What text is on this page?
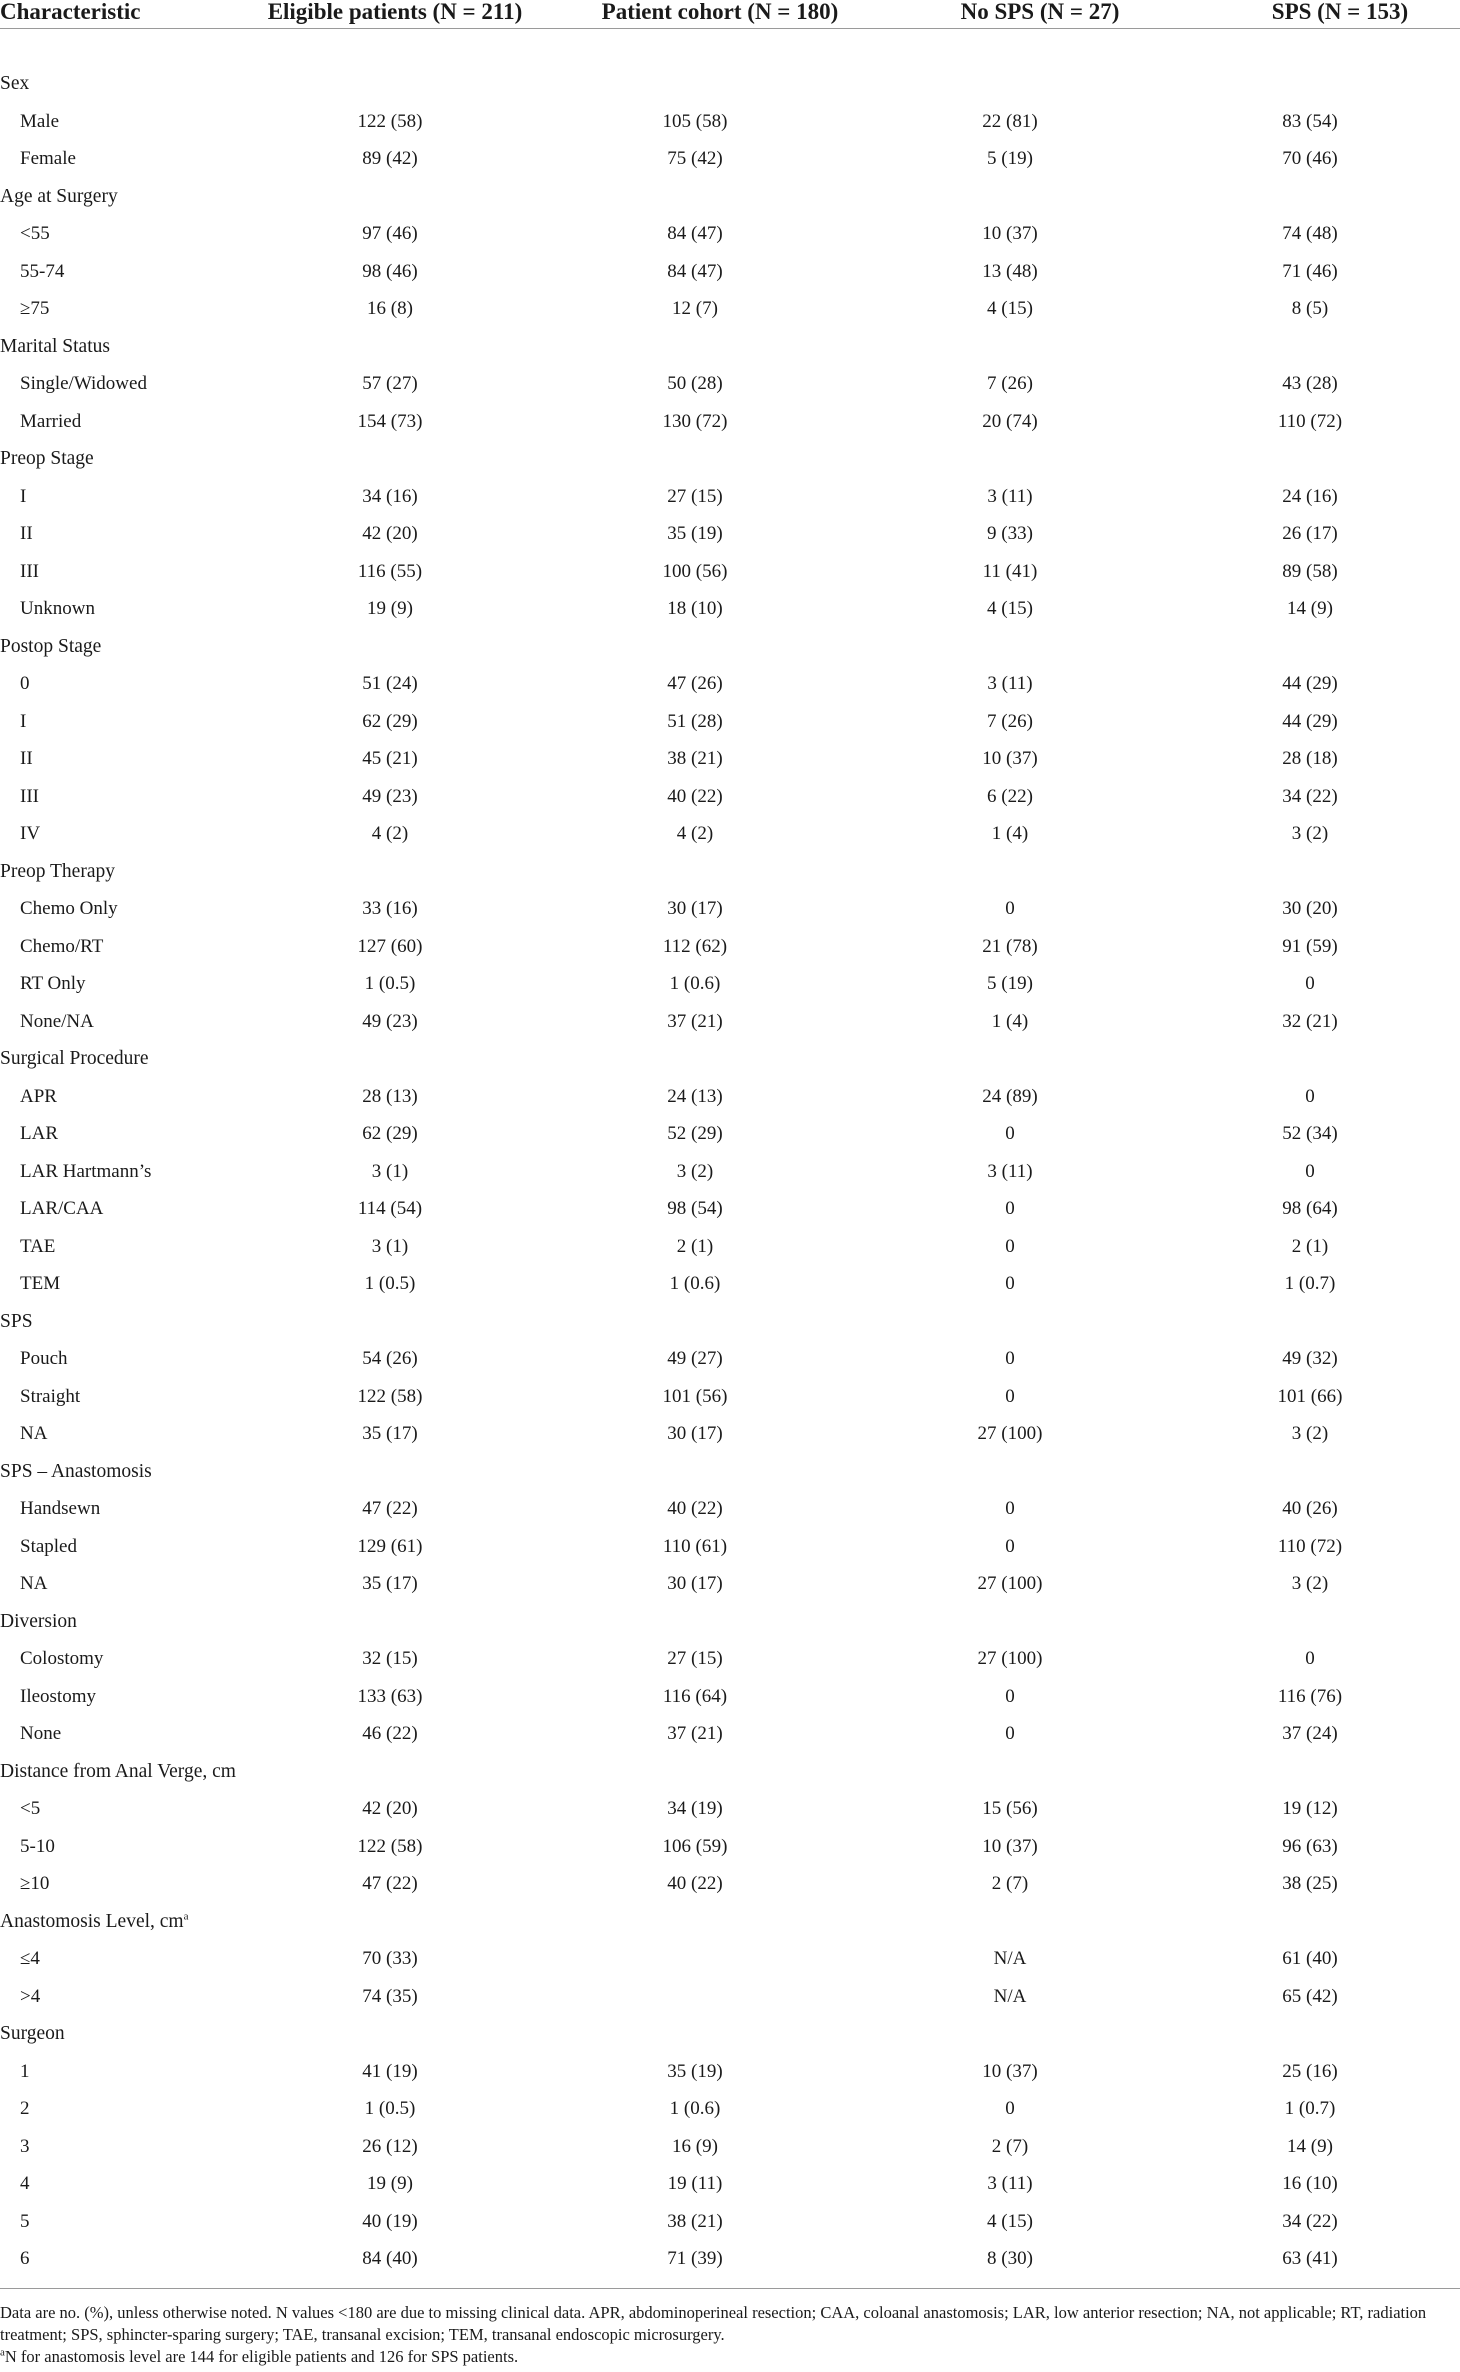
Characteristic	Eligible patients (N = 211)	Patient cohort (N = 180)	No SPS (N = 27)	SPS (N = 153)

Sex				
Male	122 (58)	105 (58)	22 (81)	83 (54)
Female	89 (42)	75 (42)	5 (19)	70 (46)
Age at Surgery				
<55	97 (46)	84 (47)	10 (37)	74 (48)
55-74	98 (46)	84 (47)	13 (48)	71 (46)
≥75	16 (8)	12 (7)	4 (15)	8 (5)
Marital Status				
Single/Widowed	57 (27)	50 (28)	7 (26)	43 (28)
Married	154 (73)	130 (72)	20 (74)	110 (72)
Preop Stage				
I	34 (16)	27 (15)	3 (11)	24 (16)
II	42 (20)	35 (19)	9 (33)	26 (17)
III	116 (55)	100 (56)	11 (41)	89 (58)
Unknown	19 (9)	18 (10)	4 (15)	14 (9)
Postop Stage				
0	51 (24)	47 (26)	3 (11)	44 (29)
I	62 (29)	51 (28)	7 (26)	44 (29)
II	45 (21)	38 (21)	10 (37)	28 (18)
III	49 (23)	40 (22)	6 (22)	34 (22)
IV	4 (2)	4 (2)	1 (4)	3 (2)
Preop Therapy				
Chemo Only	33 (16)	30 (17)	0	30 (20)
Chemo/RT	127 (60)	112 (62)	21 (78)	91 (59)
RT Only	1 (0.5)	1 (0.6)	5 (19)	0
None/NA	49 (23)	37 (21)	1 (4)	32 (21)
Surgical Procedure				
APR	28 (13)	24 (13)	24 (89)	0
LAR	62 (29)	52 (29)	0	52 (34)
LAR Hartmann’s	3 (1)	3 (2)	3 (11)	0
LAR/CAA	114 (54)	98 (54)	0	98 (64)
TAE	3 (1)	2 (1)	0	2 (1)
TEM	1 (0.5)	1 (0.6)	0	1 (0.7)
SPS				
Pouch	54 (26)	49 (27)	0	49 (32)
Straight	122 (58)	101 (56)	0	101 (66)
NA	35 (17)	30 (17)	27 (100)	3 (2)
SPS – Anastomosis				
Handsewn	47 (22)	40 (22)	0	40 (26)
Stapled	129 (61)	110 (61)	0	110 (72)
NA	35 (17)	30 (17)	27 (100)	3 (2)
Diversion				
Colostomy	32 (15)	27 (15)	27 (100)	0
Ileostomy	133 (63)	116 (64)	0	116 (76)
None	46 (22)	37 (21)	0	37 (24)
Distance from Anal Verge, cm				
<5	42 (20)	34 (19)	15 (56)	19 (12)
5-10	122 (58)	106 (59)	10 (37)	96 (63)
≥10	47 (22)	40 (22)	2 (7)	38 (25)
Anastomosis Level, $cm^a$				
≤4	70 (33)		N/A	61 (40)
>4	74 (35)		N/A	65 (42)
Surgeon				
1	41 (19)	35 (19)	10 (37)	25 (16)
2	1 (0.5)	1 (0.6)	0	1 (0.7)
3	26 (12)	16 (9)	2 (7)	14 (9)
4	19 (9)	19 (11)	3 (11)	16 (10)
5	40 (19)	38 (21)	4 (15)	34 (22)
6	84 (40)	71 (39)	8 (30)	63 (41)

Data are no. (%), unless otherwise noted. N values <180 are due to missing clinical data. APR, abdominoperineal resection; CAA, coloanal anastomosis; LAR, low anterior resection; NA, not applicable; RT, radiation treatment; SPS, sphincter-sparing surgery; TAE, transanal excision; TEM, transanal endoscopic microsurgery.

$^a$N for anastomosis level are 144 for eligible patients and 126 for SPS patients.
